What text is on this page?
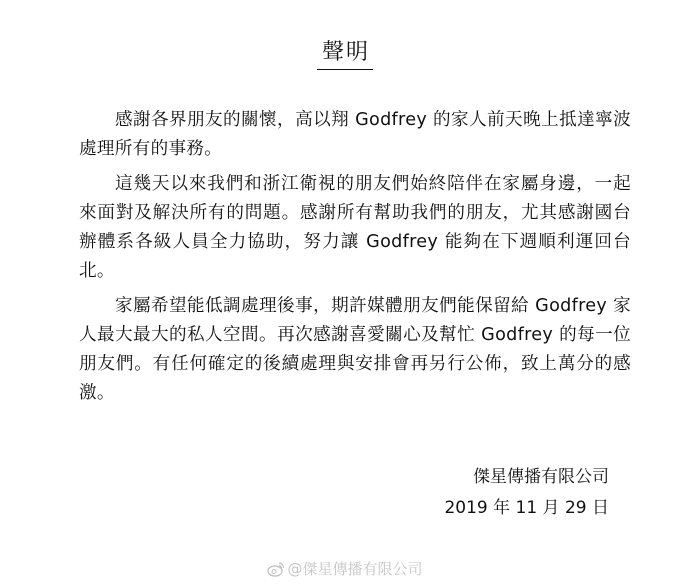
聲明

感謝各界朋友的關懷，高以翔 Godfrey 的家人前天晚上抵達寧波處理所有的事務。

這幾天以來我們和浙江衛視的朋友們始終陪伴在家屬身邊，一起來面對及解決所有的問題。感謝所有幫助我們的朋友，尤其感謝國台辦體系各級人員全力協助，努力讓 Godfrey 能夠在下週順利運回台北。

家屬希望能低調處理後事，期許媒體朋友們能保留給 Godfrey 家人最大最大的私人空間。再次感謝喜愛關心及幫忙 Godfrey 的每一位朋友們。有任何確定的後續處理與安排會再另行公佈，致上萬分的感激。

傑星傳播有限公司
2019 年 11 月 29 日
@傑星傳播有限公司
